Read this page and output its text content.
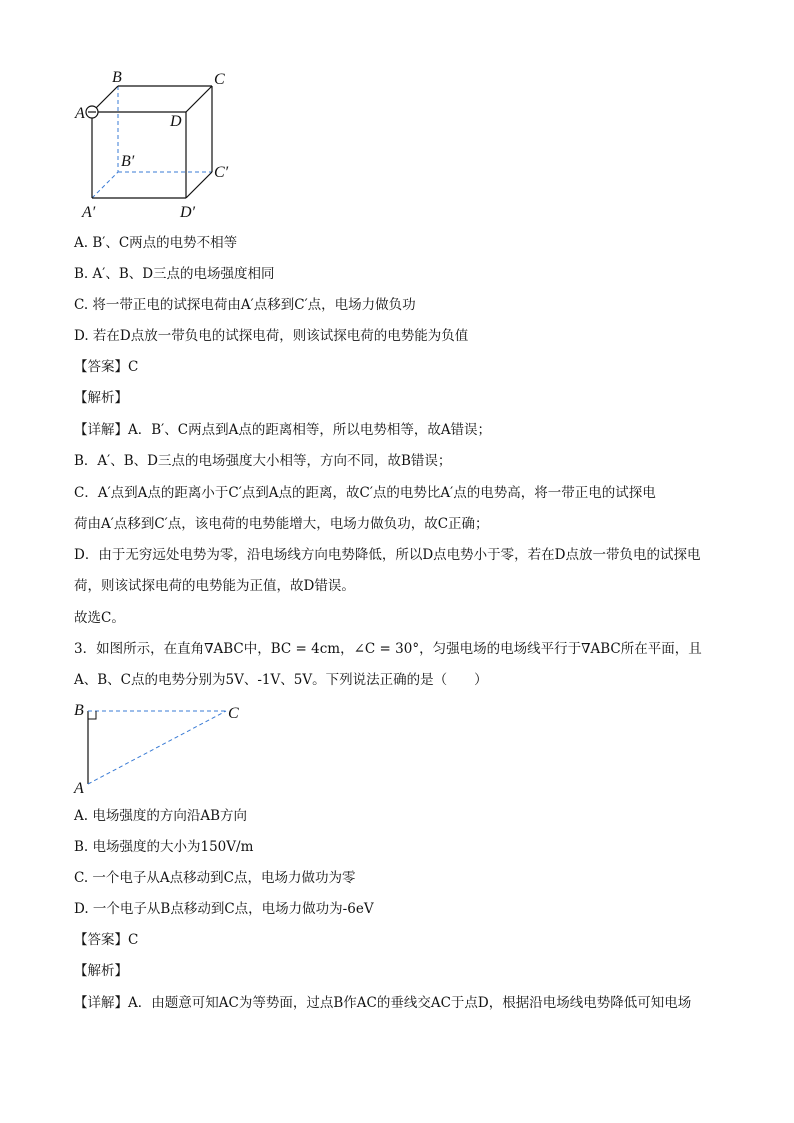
B	C
A	D
B′
C′
A′	D′
A. B′、C两点的电势不相等
B. A′、B、D三点的电场强度相同
C. 将一带正电的试探电荷由A′点移到C′点，电场力做负功
D. 若在D点放一带负电的试探电荷，则该试探电荷的电势能为负值
【答案】C
【解析】
【详解】A．B′、C两点到A点的距离相等，所以电势相等，故A错误；
B．A′、B、D三点的电场强度大小相等，方向不同，故B错误；
C．A′点到A点的距离小于C′点到A点的距离，故C′点的电势比A′点的电势高，将一带正电的试探电
荷由A′点移到C′点，该电荷的电势能增大，电场力做负功，故C正确；
D．由于无穷远处电势为零，沿电场线方向电势降低，所以D点电势小于零，若在D点放一带负电的试探电
荷，则该试探电荷的电势能为正值，故D错误。
故选C。
3．如图所示，在直角∇ABC中，BC = 4cm，∠C = 30°，匀强电场的电场线平行于∇ABC所在平面，且
A、B、C点的电势分别为5V、-1V、5V。下列说法正确的是（　　）
B	C
A
A. 电场强度的方向沿AB方向
B. 电场强度的大小为150V/m
C. 一个电子从A点移动到C点，电场力做功为零
D. 一个电子从B点移动到C点，电场力做功为-6eV
【答案】C
【解析】
【详解】A．由题意可知AC为等势面，过点B作AC的垂线交AC于点D，根据沿电场线电势降低可知电场
